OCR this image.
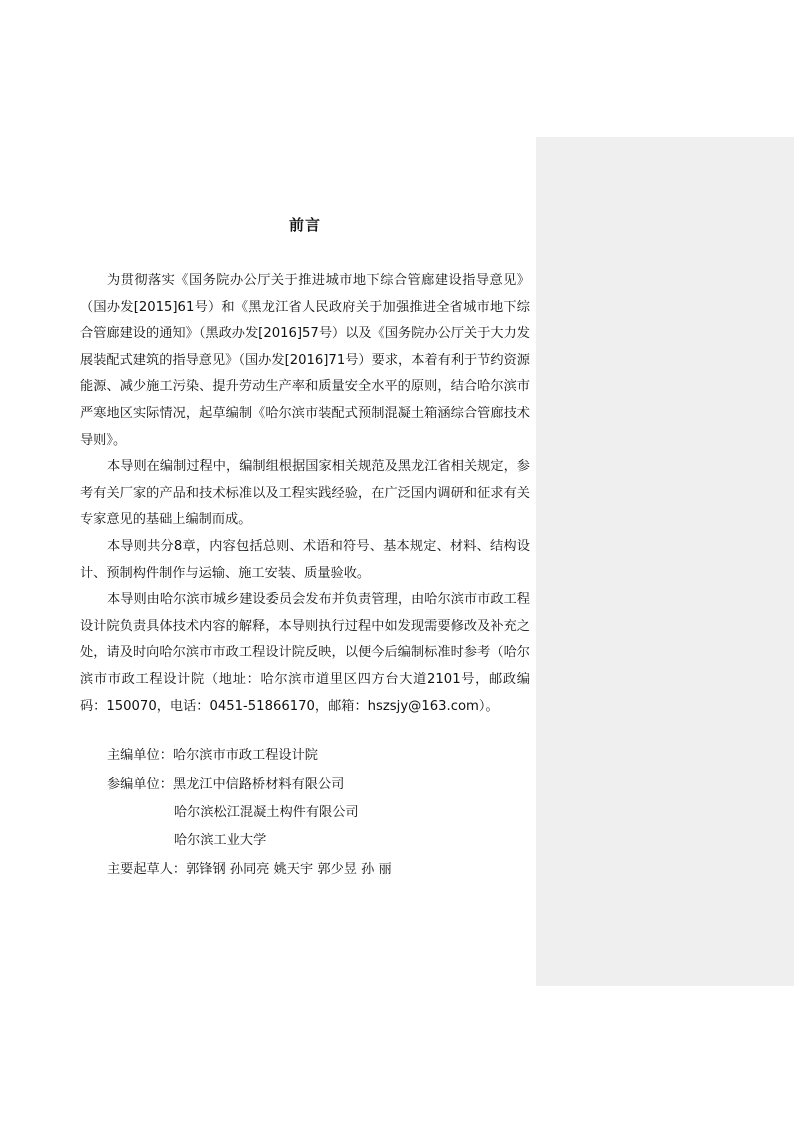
前言

为贯彻落实《国务院办公厅关于推进城市地下综合管廊建设指导意见》（国办发[2015]61号）和《黑龙江省人民政府关于加强推进全省城市地下综合管廊建设的通知》（黑政办发[2016]57号）以及《国务院办公厅关于大力发展装配式建筑的指导意见》（国办发[2016]71号）要求，本着有利于节约资源能源、减少施工污染、提升劳动生产率和质量安全水平的原则，结合哈尔滨市严寒地区实际情况，起草编制《哈尔滨市装配式预制混凝土箱涵综合管廊技术导则》。

本导则在编制过程中，编制组根据国家相关规范及黑龙江省相关规定，参考有关厂家的产品和技术标准以及工程实践经验，在广泛国内调研和征求有关专家意见的基础上编制而成。

本导则共分8章，内容包括总则、术语和符号、基本规定、材料、结构设计、预制构件制作与运输、施工安装、质量验收。

本导则由哈尔滨市城乡建设委员会发布并负责管理，由哈尔滨市市政工程设计院负责具体技术内容的解释，本导则执行过程中如发现需要修改及补充之处，请及时向哈尔滨市市政工程设计院反映，以便今后编制标准时参考（哈尔滨市市政工程设计院（地址：哈尔滨市道里区四方台大道2101号，邮政编码：150070，电话：0451-51866170，邮箱：hszsjy@163.com）。

主编单位： 哈尔滨市市政工程设计院
参编单位： 黑龙江中信路桥材料有限公司
哈尔滨松江混凝土构件有限公司
哈尔滨工业大学
主要起草人： 郭锋钢 孙同亮 姚天宇 郭少昱 孙 丽
